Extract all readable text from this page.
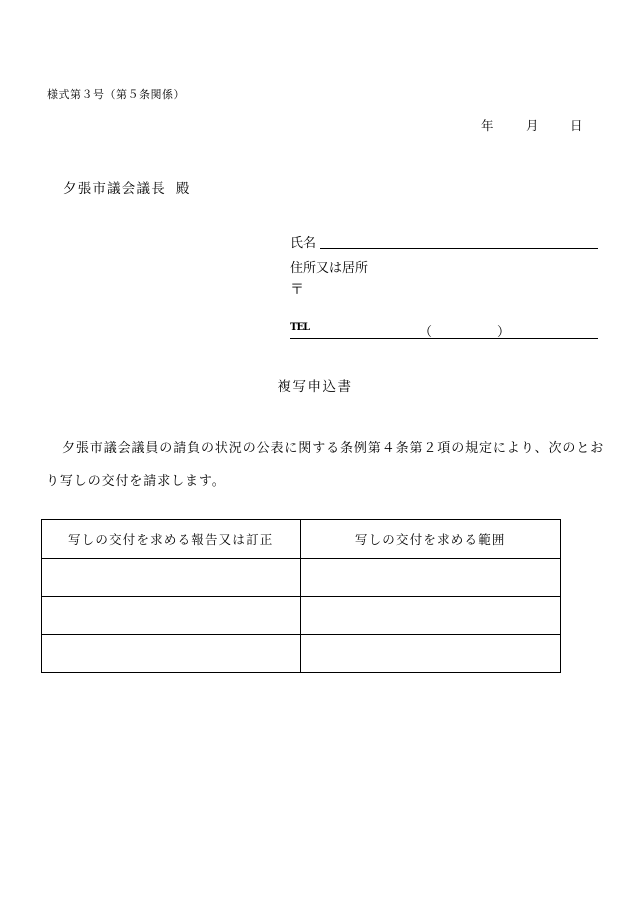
様式第３号（第５条関係）
年	月	日
夕張市議会議長 殿
氏名
住所又は居所
〒
TEL	（	）
複写申込書
夕張市議会議員の請負の状況の公表に関する条例第４条第２項の規定により、次のとおり写しの交付を請求します。
写しの交付を求める報告又は訂正	写しの交付を求める範囲
